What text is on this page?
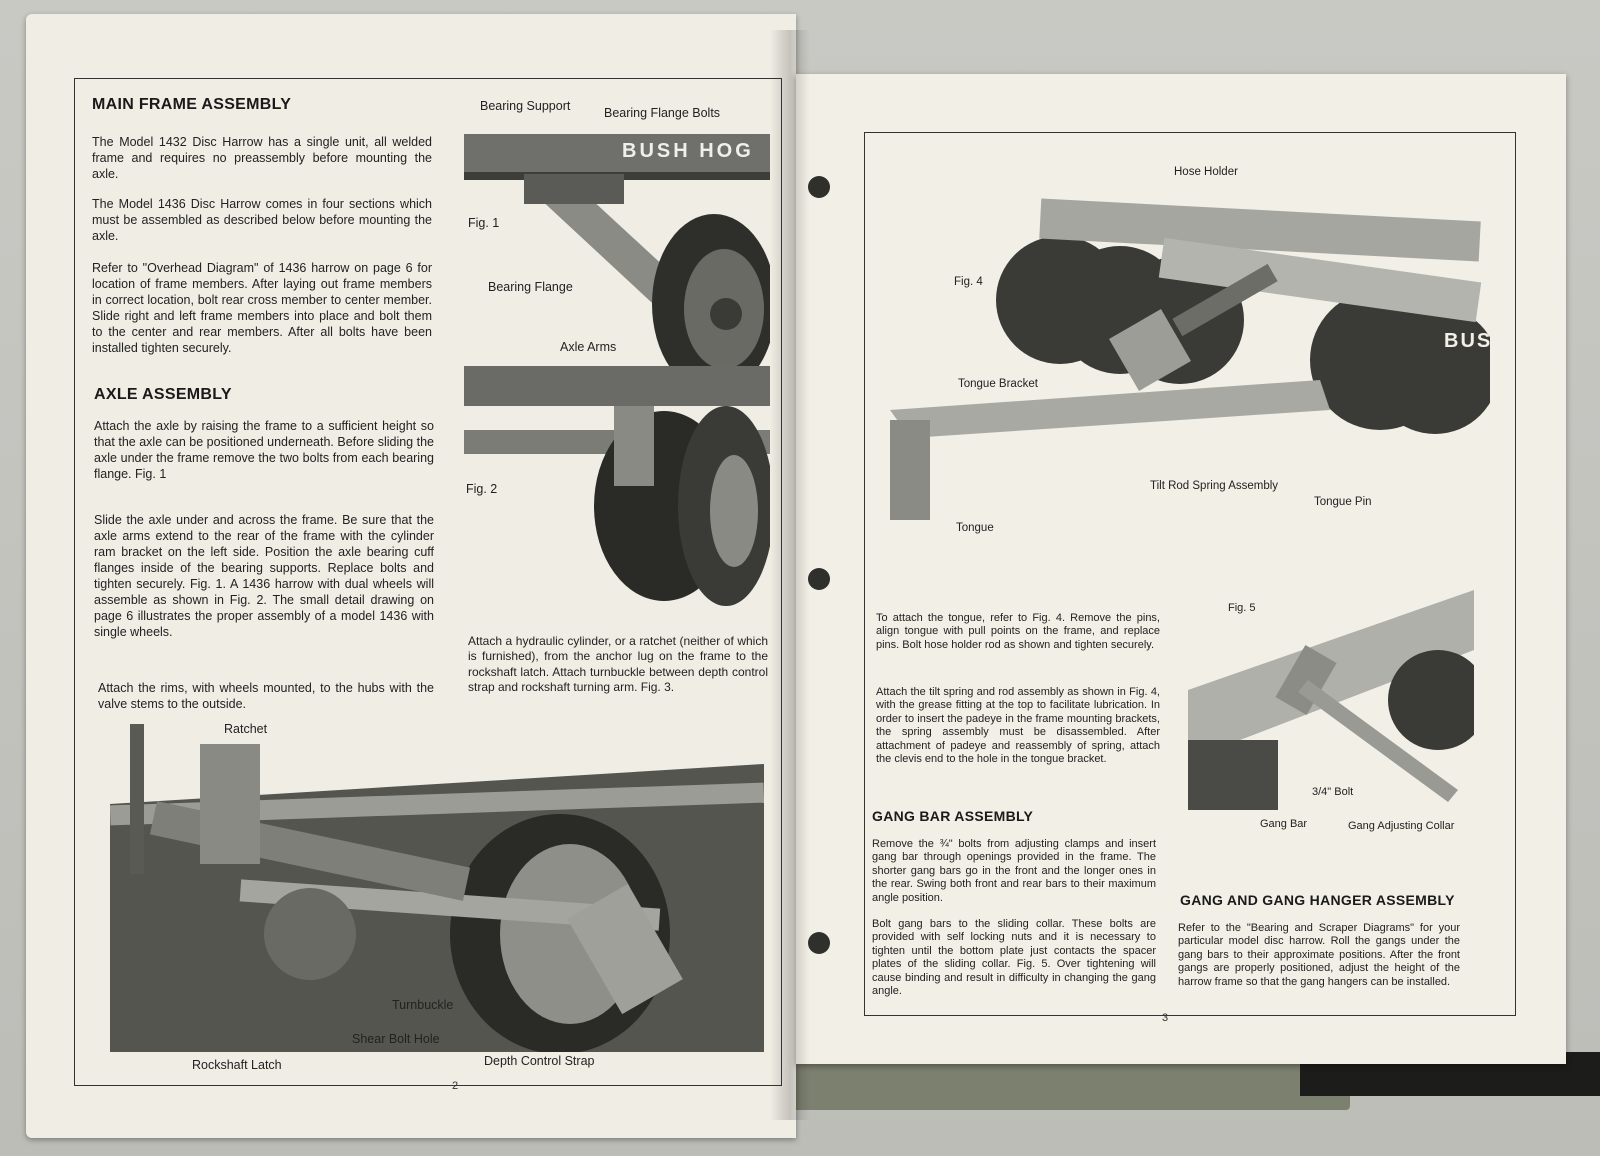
MAIN FRAME ASSEMBLY
The Model 1432 Disc Harrow has a single unit, all welded frame and requires no preassembly before mounting the axle.
The Model 1436 Disc Harrow comes in four sections which must be assembled as described below before mounting the axle.
Refer to "Overhead Diagram" of 1436 harrow on page 6 for location of frame members. After laying out frame members in correct location, bolt rear cross member to center member. Slide right and left frame members into place and bolt them to the center and rear members. After all bolts have been installed tighten securely.
AXLE ASSEMBLY
Attach the axle by raising the frame to a sufficient height so that the axle can be positioned underneath. Before sliding the axle under the frame remove the two bolts from each bearing flange. Fig. 1
Slide the axle under and across the frame. Be sure that the axle arms extend to the rear of the frame with the cylinder ram bracket on the left side. Position the axle bearing cuff flanges inside of the bearing supports. Replace bolts and tighten securely. Fig. 1. A 1436 harrow with dual wheels will assemble as shown in Fig. 2. The small detail drawing on page 6 illustrates the proper assembly of a model 1436 with single wheels.
Attach the rims, with wheels mounted, to the hubs with the valve stems to the outside.
BUSH HOG
Bearing Support	Bearing Flange Bolts
Fig. 1
Bearing Flange
Axle Arms
Fig. 2
Attach a hydraulic cylinder, or a ratchet (neither of which is furnished), from the anchor lug on the frame to the rockshaft latch. Attach turnbuckle between depth control strap and rockshaft turning arm. Fig. 3.
Ratchet
Turnbuckle
Shear Bolt Hole
Rockshaft Latch	Depth Control Strap
2
Hose Holder
Fig. 4
Tongue Bracket
Tilt Rod Spring Assembly
Tongue Pin
Tongue
BUSH HOG
To attach the tongue, refer to Fig. 4. Remove the pins, align tongue with pull points on the frame, and replace pins. Bolt hose holder rod as shown and tighten securely.
Attach the tilt spring and rod assembly as shown in Fig. 4, with the grease fitting at the top to facilitate lubrication. In order to insert the padeye in the frame mounting brackets, the spring assembly must be disassembled. After attachment of padeye and reassembly of spring, attach the clevis end to the hole in the tongue bracket.
GANG BAR ASSEMBLY
Remove the ¾" bolts from adjusting clamps and insert gang bar through openings provided in the frame. The shorter gang bars go in the front and the longer ones in the rear. Swing both front and rear bars to their maximum angle position.
Bolt gang bars to the sliding collar. These bolts are provided with self locking nuts and it is necessary to tighten until the bottom plate just contacts the spacer plates of the sliding collar. Fig. 5. Over tightening will cause binding and result in difficulty in changing the gang angle.
Fig. 5
3/4" Bolt
Gang Bar	Gang Adjusting Collar
GANG AND GANG HANGER ASSEMBLY
Refer to the "Bearing and Scraper Diagrams" for your particular model disc harrow. Roll the gangs under the gang bars to their approximate positions. After the front gangs are properly positioned, adjust the height of the harrow frame so that the gang hangers can be installed.
3
